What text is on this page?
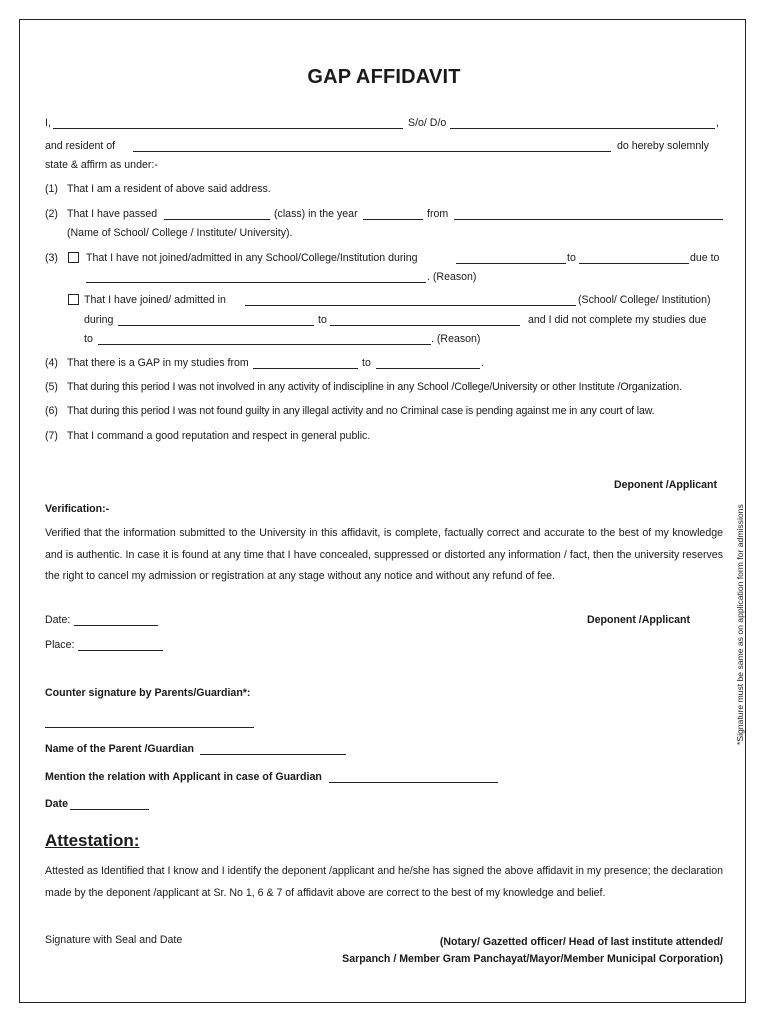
GAP AFFIDAVIT
I,	S/o/ D/o	,
and resident of	do hereby solemnly
state & affirm as under:-
(1) That I am a resident of above said address.
(2) That I have passed	(class) in the year	from
(Name of School/ College / Institute/ University).
(3)	That I have not joined/admitted in any School/College/Institution during	to	due to
. (Reason)
That I have joined/ admitted in	(School/ College/ Institution)
during	to	and I did not complete my studies due
to	. (Reason)
(4) That there is a GAP in my studies from	to	.
(5) That during this period I was not involved in any activity of indiscipline in any School /College/University or other Institute /Organization.
(6) That during this period I was not found guilty in any illegal activity and no Criminal case is pending against me in any court of law.
(7) That I command a good reputation and respect in general public.
Deponent /Applicant
Verification:-
Verified that the information submitted to the University in this affidavit, is complete, factually correct and accurate to the best of my knowledge and is authentic. In case it is found at any time that I have concealed, suppressed or distorted any information / fact, then the university reserves the right to cancel my admission or registration at any stage without any notice and without any refund of fee.
Date:	Deponent /Applicant
Place:
Counter signature by Parents/Guardian*:
Name of the Parent /Guardian
Mention the relation with Applicant in case of Guardian
Date
*Signature must be same as on application form for admissions
Attestation:
Attested as Identified that I know and I identify the deponent /applicant and he/she has signed the above affidavit in my presence; the declaration made by the deponent /applicant at Sr. No 1, 6 & 7 of affidavit above are correct to the best of my knowledge and belief.
Signature with Seal and Date	(Notary/ Gazetted officer/ Head of last institute attended/
Sarpanch / Member Gram Panchayat/Mayor/Member Municipal Corporation)
